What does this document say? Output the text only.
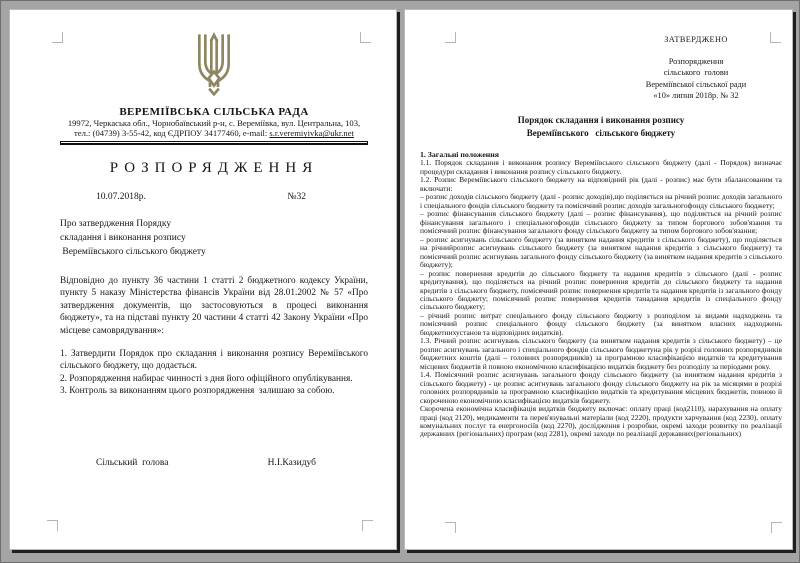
ВЕРЕМІЇВСЬКА СІЛЬСЬКА РАДА
19972, Черкаська обл., Чорнобаївський р-н, с. Вереміївка, вул. Центральна, 103,
тел.: (04739) 3-55-42, код ЄДРПОУ 34177460, e-mail: s.r.veremiyivka@ukr.net
РОЗПОРЯДЖЕННЯ
10.07.2018р.	№32
Про затвердження Порядку
складання і виконання розпису
Вереміївського сільського бюджету
Відповідно до пункту 36 частини 1 статті 2 бюджетного кодексу України, пункту 5 наказу Міністерства фінансів України від 28.01.2002 № 57 «Про затвердження документів, що застосовуються в процесі виконання бюджету», та на підставі пункту 20 частини 4 статті 42 Закону України «Про місцеве самоврядування»:

1. Затвердити Порядок про складання і виконання розпису Вереміївського сільського бюджету, що додається.

2. Розпорядження набирає чинності з дня його офіційного опублікування.

3. Контроль за виконанням цього розпорядження  залишаю за собою.

Сільський  голова	Н.І.Казидуб
ЗАТВЕРДЖЕНО
Розпорядження
сільського  голови
Вереміївської сільської ради
«10» липня 2018р. № 32
Порядок складання і виконання розпису
Вереміївського   сільського бюджету
1. Загальні положення

1.1. Порядок складання і виконання розпису Вереміївського сільського бюджету (далі - Порядок) визначає процедури складання і виконання розпису сільського бюджету.

1.2. Розпис Вереміївського сільського бюджету на відповідний рік (далі - розпис) має бути збалансованим та включати:

– розпис доходів сільського бюджету (далі - розпис доходів),що поділяється на річний розпис доходів загального і спеціального фондів сільського бюджету та помісячний розпис доходів загальногофонду сільського бюджету;

– розпис фінансування сільського бюджету (далі – розпис фінансування), що поділяється на річний розпис фінансування загального і спеціальногофондів сільського бюджету за типом боргового зобов'язання та помісячний розпис фінансування загального фонду сільського бюджету за типом боргового зобов'язання;

– розпис асигнувань сільського бюджету (за винятком надання кредитів з сільського бюджету), що поділяється на річнийрозпис асигнувань сільського бюджету (за винятком надання кредитів з сільського бюджету) та помісячний розпис асигнувань загального фонду сільського бюджету (за винятком надання кредитів з сільського бюджету);

– розпис повернення кредитів до сільського бюджету та надання кредитів з сільського (далі - розпис кредитування), що поділяється на річний розпис повернення кредитів до сільського бюджету та надання кредитів з сільського бюджету, помісячний розпис повернення кредитів та надання кредитів із загального фонду сільського бюджету; помісячний розпис повернення кредитів танадання кредитів із спеціального фонду сільського бюджету;

– річний розпис витрат спеціального фонду сільського бюджету з розподілом за видами надходжень та помісячний розпис спеціального фонду сільського бюджету (за винятком власних надходжень бюджетнихустанов та відповідних видатків).

1.3. Річний розпис асигнувань сільського бюджету (за винятком надання кредитів з сільського бюджету) – це розпис асигнувань загального і спеціального фондів сільського бюджетуна рік у розрізі головних розпорядників бюджетних коштів (далі – головних розпорядників) за програмною класифікацією видатків та кредитування місцевих бюджетів й повною економічною класифікацією видатків бюджету без розподілу за періодами року.

1.4. Помісячний розпис асигнувань загального фонду сільського бюджету (за винятком надання кредитів з сільського бюджету) - це розпис асигнувань загального фонду сільського бюджету на рік за місяцями в розрізі головних розпорядників за програмною класифікацією видатків та кредитування місцевих бюджетів, повною й скороченою економічною класифікацією видатків бюджету.

Скорочена економічна класифікація видатків бюджету включає: оплату праці (код2110), нарахування на оплату праці (код 2120), медикаменти та перев'язувальні матеріали (код 2220), продукти харчування (код 2230), оплату комунальних послуг та енергоносіїв (код 2270), дослідження і розробки, окремі заходи розвитку по реалізації державних (регіональних) програм (код 2281), окремі заходи по реалізації державних(регіональних)
